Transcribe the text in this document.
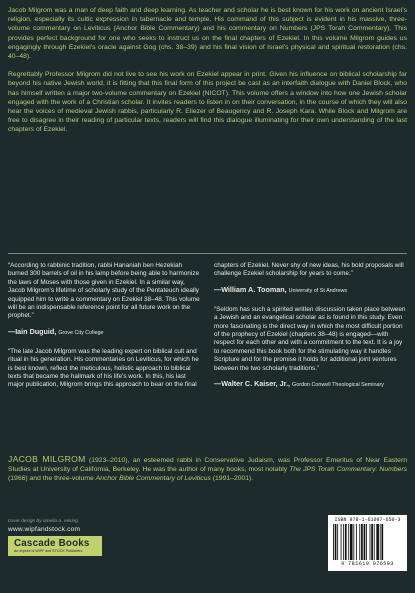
Jacob Milgrom was a man of deep faith and deep learning. As teacher and scholar he is best known for his work on ancient Israel’s religion, especially its cultic expression in tabernacle and temple. His command of this subject is evident in his massive, three-volume commentary on Leviticus (Anchor Bible Commentary) and his commentary on Numbers (JPS Torah Commentary). This provides perfect background for one who seeks to instruct us on the final chapters of Ezekiel. In this volume Milgrom guides us engagingly through Ezekiel’s oracle against Gog (chs. 38–39) and his final vision of Israel’s physical and spiritual restoration (chs. 40–48).

Regrettably Professor Milgrom did not live to see his work on Ezekiel appear in print. Given his influence on biblical scholarship far beyond his native Jewish world, it is fitting that this final form of this project be cast as an interfaith dialogue with Daniel Block, who has himself written a major two-volume commentary on Ezekiel (NICOT). This volume offers a window into how one Jewish scholar engaged with the work of a Christian scholar. It invites readers to listen in on their conversation, in the course of which they will also hear the voices of medieval Jewish rabbis, particularly R. Eliezer of Beaugency and R. Joseph Kara. While Block and Milgrom are free to disagree in their reading of particular texts, readers will find this dialogue illuminating for their own understanding of the last chapters of Ezekiel.

“According to rabbinic tradition, rabbi Hananiah ben Hezekiah burned 300 barrels of oil in his lamp before being able to harmonize the laws of Moses with those given in Ezekiel. In a similar way, Jacob Milgrom’s lifetime of scholarly study of the Pentateuch ideally equipped him to write a commentary on Ezekiel 38–48. This volume will be an indispensable reference point for all future work on the prophet.”

—Iain Duguid, Grove City College

“The late Jacob Milgrom was the leading expert on biblical cult and ritual in his generation. His commentaries on Leviticus, for which he is best known, reflect the meticulous, holistic approach to biblical texts that became the hallmark of his life’s work. In this, his last major publication, Milgrom brings this approach to bear on the final

chapters of Ezekiel. Never shy of new ideas, his bold proposals will challenge Ezekiel scholarship for years to come.”

—William A. Tooman, University of St Andrews

“Seldom has such a spirited written discussion taken place between a Jewish and an evangelical scholar as is found in this study. Even more fascinating is the direct way in which the most difficult portion of the prophecy of Ezekiel (chapters 38–48) is engaged—with respect for each other and with a commitment to the text. It is a joy to recommend this book both for the stimulating way it handles Scripture and for the promise it holds for additional joint ventures between the two scholarly traditions.”

—Walter C. Kaiser, Jr., Gordon Conwell Theological Seminary
JACOB MILGROM (1923–2010), an esteemed rabbi in Conservative Judaism, was Professor Emeritus of Near Eastern Studies at University of California, Berkeley. He was the author of many books, most notably The JPS Torah Commentary: Numbers (1966) and the three-volume Anchor Bible Commentary of Leviticus (1991–2001).
cover design by amelia a. reising
www.wipfandstock.com
Cascade Books
An Imprint of WIPF and STOCK Publishers
ISBN 978-1-61097-650-3
9 781610 976503
